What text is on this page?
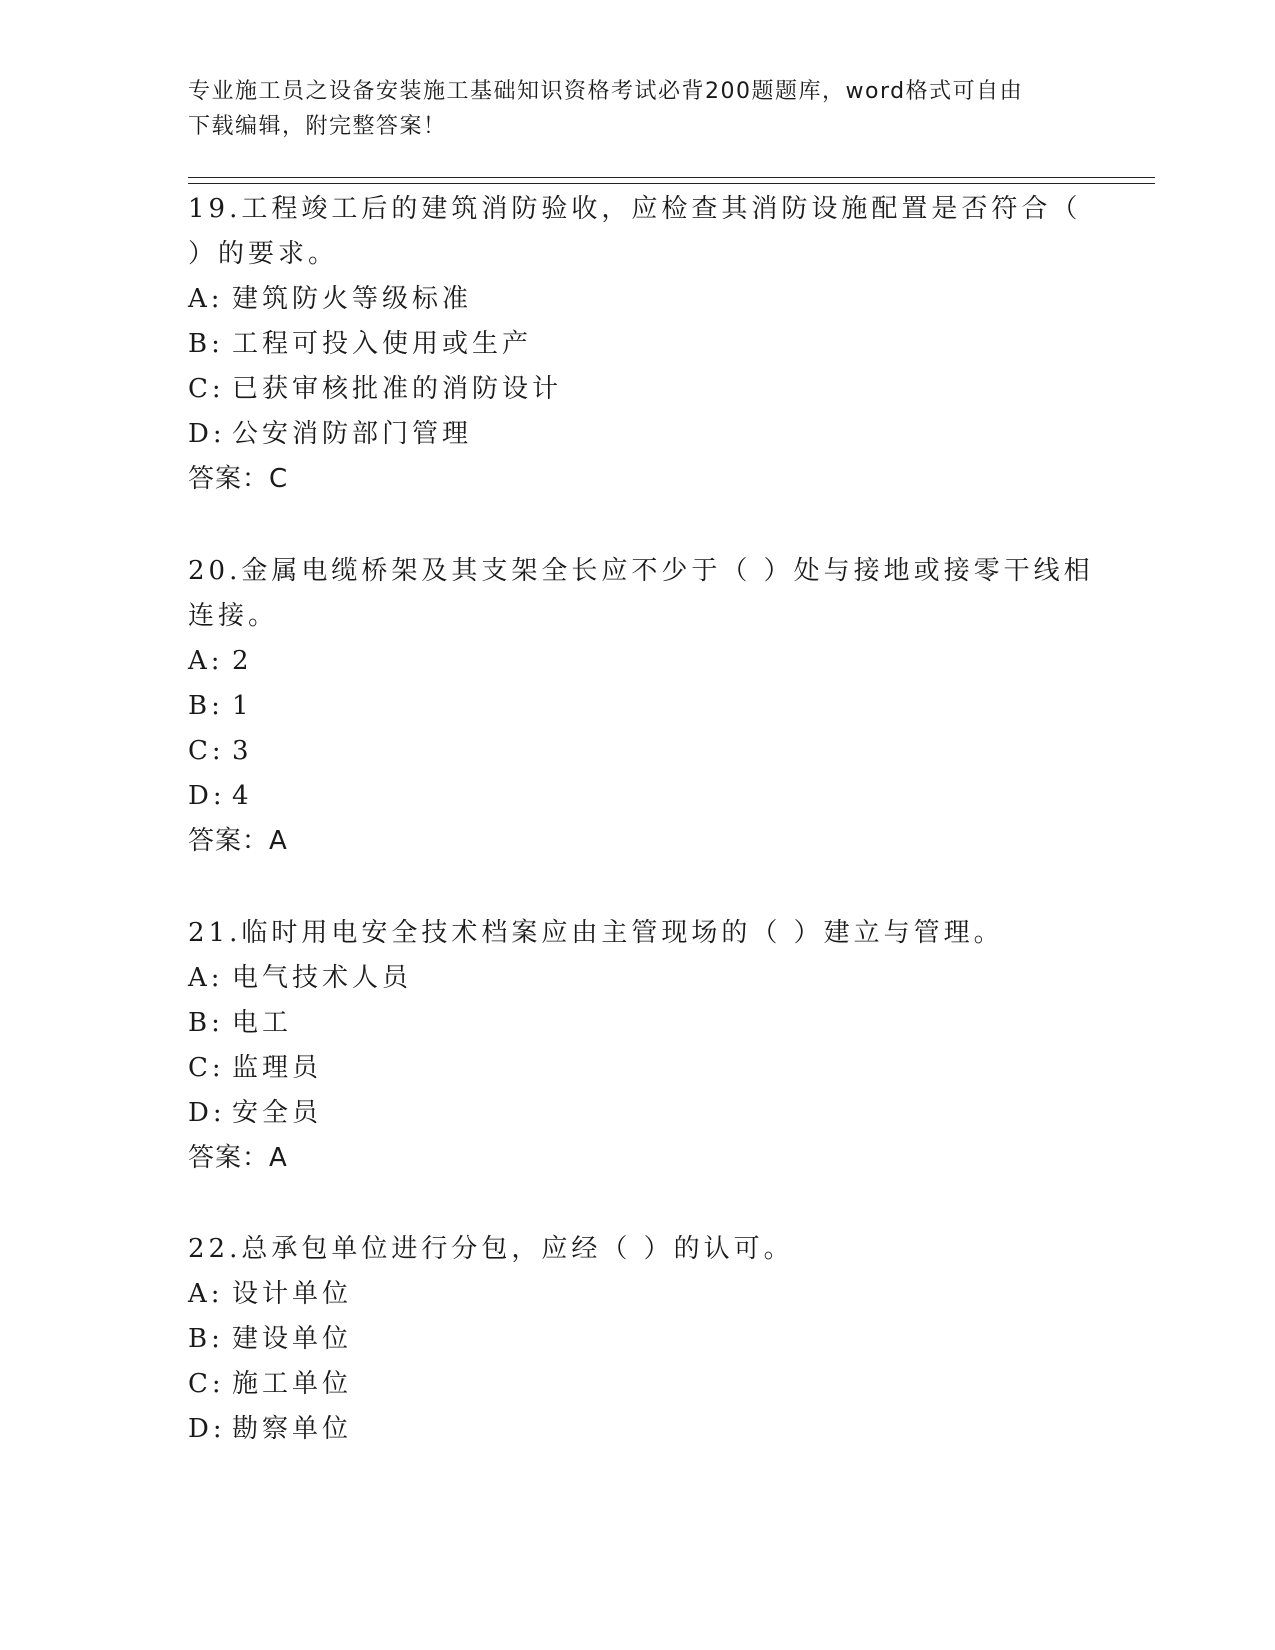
专业施工员之设备安装施工基础知识资格考试必背200题题库，word格式可自由
下载编辑，附完整答案！
19.工程竣工后的建筑消防验收，应检查其消防设施配置是否符合（
）的要求。
A: 建筑防火等级标准
B: 工程可投入使用或生产
C: 已获审核批准的消防设计
D: 公安消防部门管理
答案：C
20.金属电缆桥架及其支架全长应不少于（ ）处与接地或接零干线相
连接。
A: 2
B: 1
C: 3
D: 4
答案：A
21.临时用电安全技术档案应由主管现场的（ ）建立与管理。
A: 电气技术人员
B: 电工
C: 监理员
D: 安全员
答案：A
22.总承包单位进行分包，应经（ ）的认可。
A: 设计单位
B: 建设单位
C: 施工单位
D: 勘察单位
